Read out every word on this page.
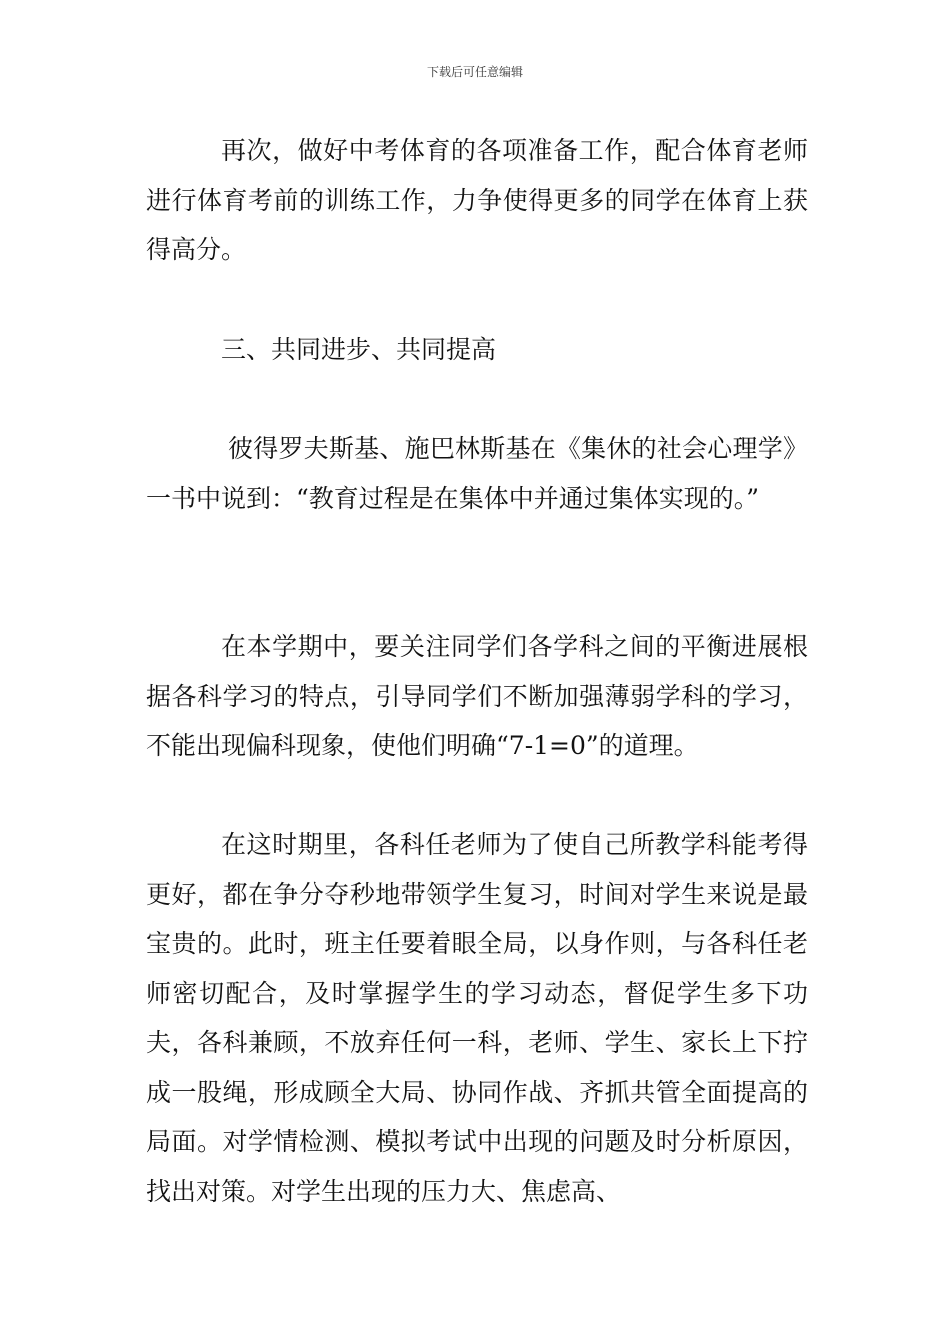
下载后可任意编辑

再次，做好中考体育的各项准备工作，配合体育老师进行体育考前的训练工作，力争使得更多的同学在体育上获得高分。

三、共同进步、共同提高

彼得罗夫斯基、施巴林斯基在《集休的社会心理学》一书中说到：“教育过程是在集体中并通过集体实现的。”

在本学期中，要关注同学们各学科之间的平衡进展根据各科学习的特点，引导同学们不断加强薄弱学科的学习，不能出现偏科现象，使他们明确“7-1=0”的道理。

在这时期里，各科任老师为了使自己所教学科能考得更好，都在争分夺秒地带领学生复习，时间对学生来说是最宝贵的。此时，班主任要着眼全局，以身作则，与各科任老师密切配合，及时掌握学生的学习动态，督促学生多下功夫，各科兼顾，不放弃任何一科，老师、学生、家长上下拧成一股绳，形成顾全大局、协同作战、齐抓共管全面提高的局面。对学情检测、模拟考试中出现的问题及时分析原因，找出对策。对学生出现的压力大、焦虑高、
